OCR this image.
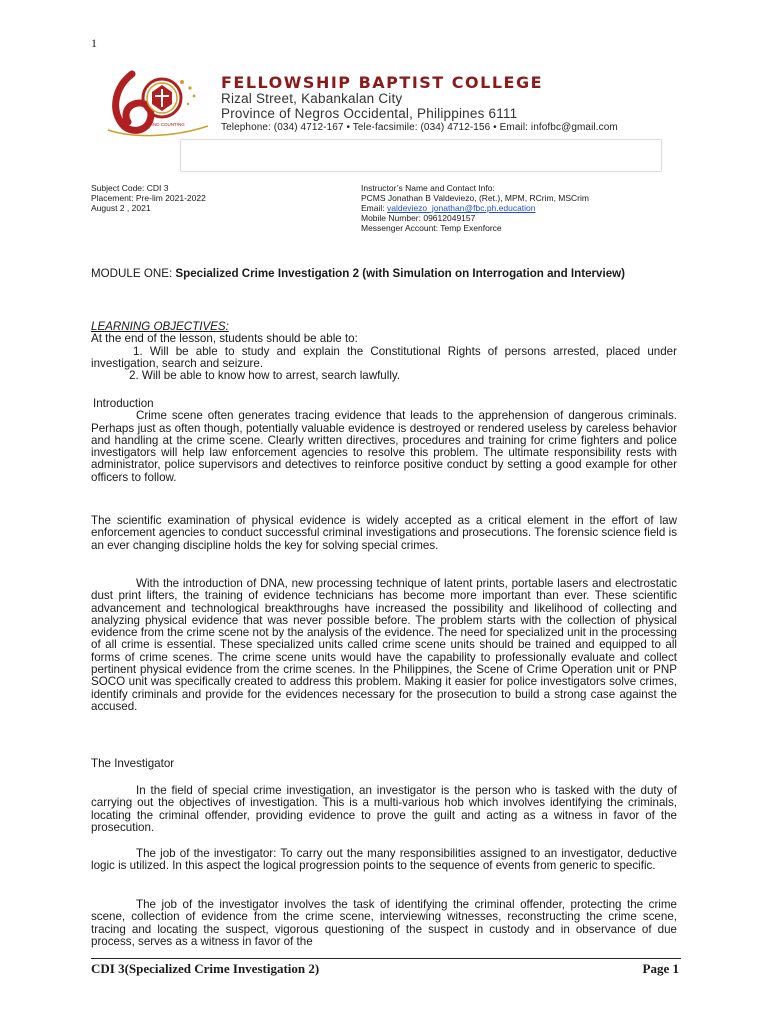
1
AND COUNTING
FELLOWSHIP BAPTIST COLLEGE
Rizal Street, Kabankalan City
Province of Negros Occidental, Philippines 6111
Telephone: (034) 4712-167 • Tele-facsimile: (034) 4712-156 • Email: infofbc@gmail.com
Subject Code: CDI 3
Placement: Pre-lim 2021-2022
August 2 , 2021
Instructor’s Name and Contact Info:
PCMS Jonathan B Valdeviezo, (Ret.), MPM, RCrim, MSCrim
Email: valdeviezo_jonathan@fbc.ph.education
Mobile Number: 09612049157
Messenger Account: Temp Exenforce
MODULE ONE: Specialized Crime Investigation 2 (with Simulation on Interrogation and Interview)
LEARNING OBJECTIVES:
At the end of the lesson, students should be able to:
1. Will be able to study and explain the Constitutional Rights of persons arrested, placed under investigation, search and seizure.
2. Will be able to know how to arrest, search lawfully.
Introduction
Crime scene often generates tracing evidence that leads to the apprehension of dangerous criminals. Perhaps just as often though, potentially valuable evidence is destroyed or rendered useless by careless behavior and handling at the crime scene. Clearly written directives, procedures and training for crime fighters and police investigators will help law enforcement agencies to resolve this problem. The ultimate responsibility rests with administrator, police supervisors and detectives to reinforce positive conduct by setting a good example for other officers to follow.
The scientific examination of physical evidence is widely accepted as a critical element in the effort of law enforcement agencies to conduct successful criminal investigations and prosecutions. The forensic science field is an ever changing discipline holds the key for solving special crimes.
With the introduction of DNA, new processing technique of latent prints, portable lasers and electrostatic dust print lifters, the training of evidence technicians has become more important than ever. These scientific advancement and technological breakthroughs have increased the possibility and likelihood of collecting and analyzing physical evidence that was never possible before. The problem starts with the collection of physical evidence from the crime scene not by the analysis of the evidence. The need for specialized unit in the processing of all crime is essential. These specialized units called crime scene units should be trained and equipped to all forms of crime scenes. The crime scene units would have the capability to professionally evaluate and collect pertinent physical evidence from the crime scenes. In the Philippines, the Scene of Crime Operation unit or PNP SOCO unit was specifically created to address this problem. Making it easier for police investigators solve crimes, identify criminals and provide for the evidences necessary for the prosecution to build a strong case against the accused.
The Investigator
In the field of special crime investigation, an investigator is the person who is tasked with the duty of carrying out the objectives of investigation. This is a multi-various hob which involves identifying the criminals, locating the criminal offender, providing evidence to prove the guilt and acting as a witness in favor of the prosecution.
The job of the investigator: To carry out the many responsibilities assigned to an investigator, deductive logic is utilized. In this aspect the logical progression points to the sequence of events from generic to specific.
The job of the investigator involves the task of identifying the criminal offender, protecting the crime scene, collection of evidence from the crime scene, interviewing witnesses, reconstructing the crime scene, tracing and locating the suspect, vigorous questioning of the suspect in custody and in observance of due process, serves as a witness in favor of the
CDI 3(Specialized Crime Investigation 2)	Page 1
